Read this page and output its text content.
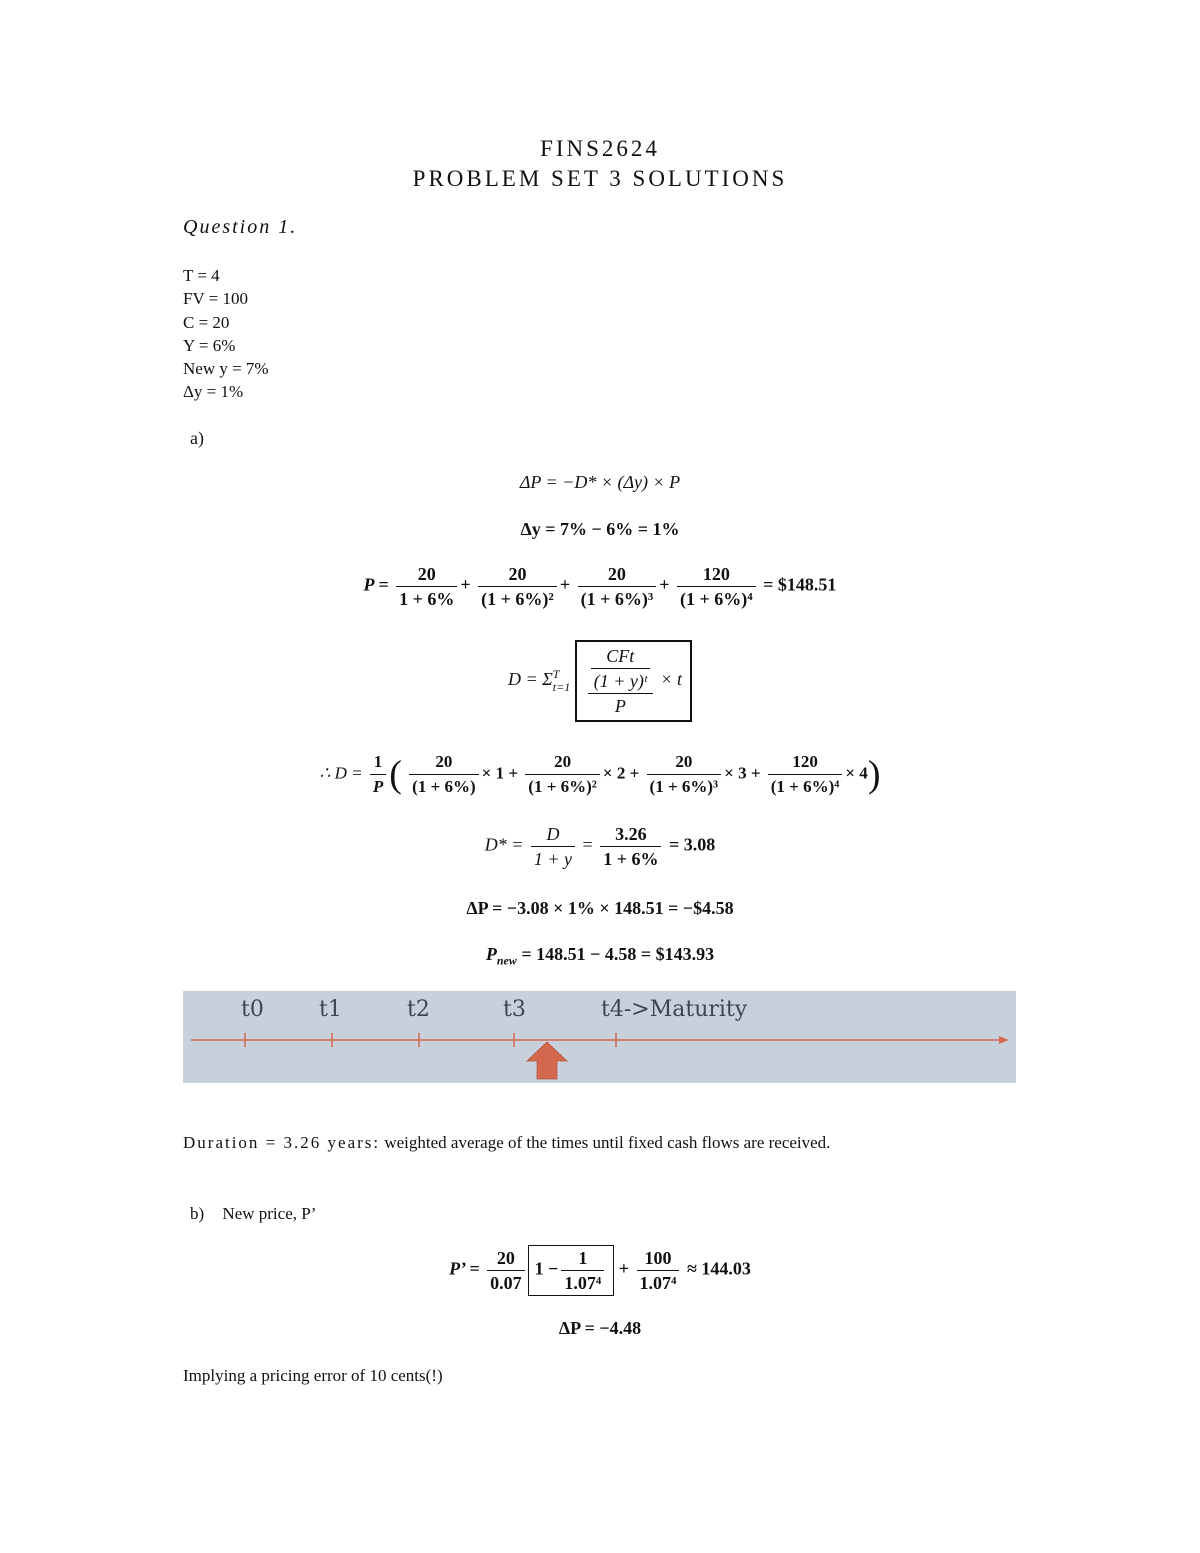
FINS2624
PROBLEM SET 3 SOLUTIONS
Question 1.
T = 4
FV = 100
C = 20
Y = 6%
New y = 7%
Δy = 1%
a)
ΔP = −D* × (Δy) × P
Δy = 7% − 6% = 1%
$P = \frac{20}{1 + 6\%} + \frac{20}{\text{(1 + 6\%)²}} + \frac{20}{\text{(1 + 6\%)³}} + \frac{120}{\text{(1 + 6\%)⁴}}$ = $148.51
D = Σ T
t=1
$\frac{\frac{\text{CFt}}{\text{(1 + y)ᵗ}}}{P} \times t$
∴ $D = \frac{1}{P}$ ( $\frac{20}{(1 + 6\%)} \times 1 + \frac{20}{\text{(1 + 6\%)²}} \times 2 + \frac{20}{\text{(1 + 6\%)³}} \times 3 + \frac{120}{\text{(1 + 6\%)⁴}} \times 4$)
$D* = \frac{D}{1 + y} = \frac{3.26}{1 + 6\%} = 3.08$
ΔP = −3.08 × 1% × 148.51 = −$4.58
$P_{new} = 148.51 - 4.58$ = $143.93
t0	t1	t2	t3	t4->Maturity
Duration = 3.26 years: weighted average of the times until fixed cash flows are received.
b) New price, P’
P’ = $\frac{20}{0.07} 1 - \frac{1}{\text{1.07⁴}} + \frac{100}{\text{1.07⁴}} \approx 144.03$
ΔP = −4.48
Implying a pricing error of 10 cents(!)
